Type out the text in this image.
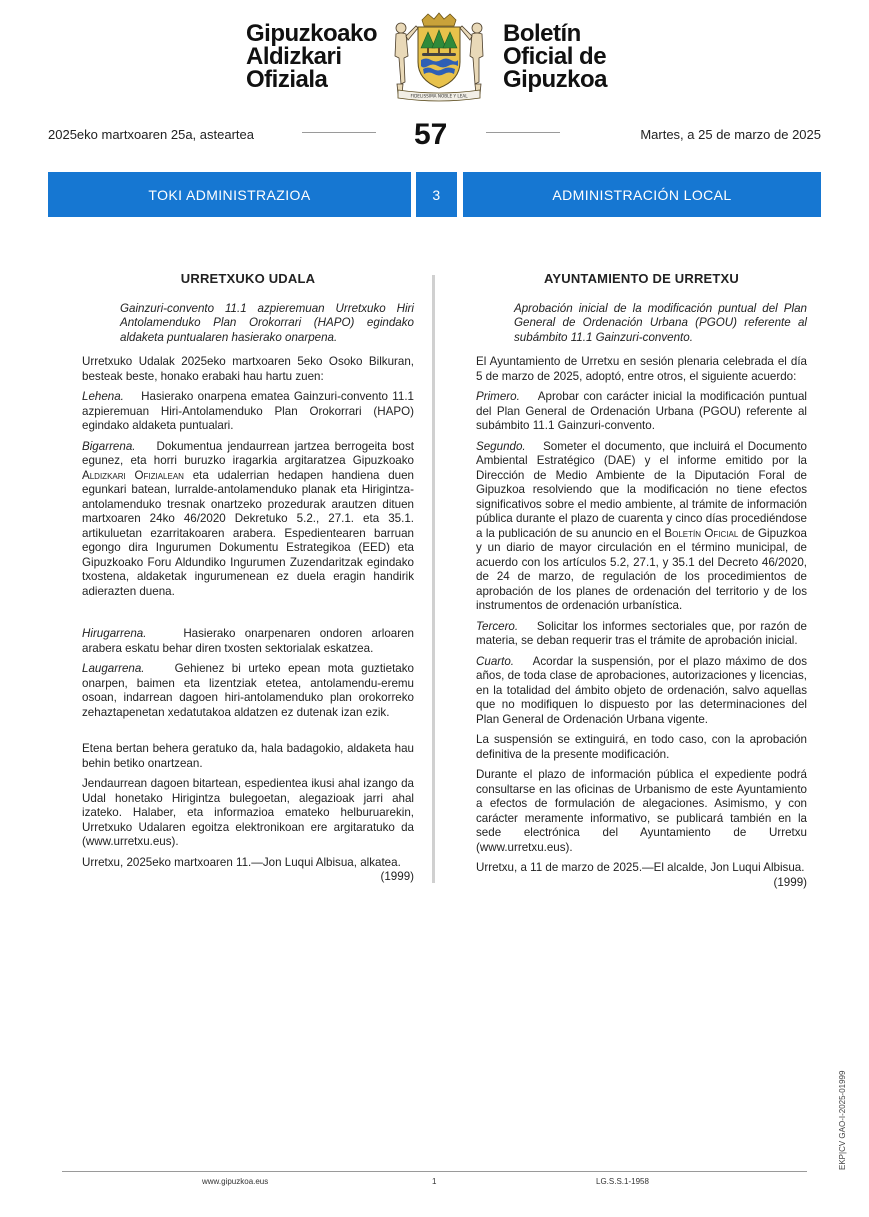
Gipuzkoako
Aldizkari
Ofiziala
FIDELISSIMA NOBLE Y LEAL
Boletín
Oficial de
Gipuzkoa
2025eko martxoaren 25a, asteartea	57	Martes, a 25 de marzo de 2025
TOKI ADMINISTRAZIOA	3	ADMINISTRACIÓN LOCAL
URRETXUKO UDALA
Gainzuri-convento 11.1 azpieremuan Urretxuko Hiri Antolamenduko Plan Orokorrari (HAPO) egindako aldaketa puntualaren hasierako onarpena.

Urretxuko Udalak 2025eko martxoaren 5eko Osoko Bilkuran, besteak beste, honako erabaki hau hartu zuen:

Lehena. Hasierako onarpena ematea Gainzuri-convento 11.1 azpieremuan Hiri-Antolamenduko Plan Orokorrari (HAPO) egindako aldaketa puntualari.

Bigarrena. Dokumentua jendaurrean jartzea berrogeita bost egunez, eta horri buruzko iragarkia argitaratzea Gipuzkoako Aldizkari Ofizialean eta udalerrian hedapen handiena duen egunkari batean, lurralde-antolamenduko planak eta Hirigintza-antolamenduko tresnak onartzeko prozedurak arautzen dituen martxoaren 24ko 46/2020 Dekretuko 5.2., 27.1. eta 35.1. artikuluetan ezarritakoaren arabera. Espedientearen barruan egongo dira Ingurumen Dokumentu Estrategikoa (EED) eta Gipuzkoako Foru Aldundiko Ingurumen Zuzendaritzak egindako txostena, aldaketak ingurumenean ez duela eragin handirik adierazten duena.

Hirugarrena.	Hasierako onarpenaren ondoren arloaren arabera eskatu behar diren txosten sektorialak eskatzea.

Laugarrena.	Gehienez bi urteko epean mota guztietako onarpen, baimen eta lizentziak etetea, antolamendu-eremu osoan, indarrean dagoen hiri-antolamenduko plan orokorreko zehaztapenetan xedatutakoa aldatzen ez dutenak izan ezik.

Etena bertan behera geratuko da, hala badagokio, aldaketa hau behin betiko onartzean.

Jendaurrean dagoen bitartean, espedientea ikusi ahal izango da Udal honetako Hirigintza bulegoetan, alegazioak jarri ahal izateko. Halaber, eta informazioa emateko helburuarekin, Urretxuko Udalaren egoitza elektronikoan ere argitaratuko da (www.urretxu.eus).

Urretxu, 2025eko martxoaren 11.—Jon Luqui Albisua, alkatea.
(1999)

AYUNTAMIENTO DE URRETXU
Aprobación inicial de la modificación puntual del Plan General de Ordenación Urbana (PGOU) referente al subámbito 11.1 Gainzuri-convento.

El Ayuntamiento de Urretxu en sesión plenaria celebrada el día 5 de marzo de 2025, adoptó, entre otros, el siguiente acuerdo:

Primero. Aprobar con carácter inicial la modificación puntual del Plan General de Ordenación Urbana (PGOU) referente al subámbito 11.1 Gainzuri-convento.

Segundo. Someter el documento, que incluirá el Documento Ambiental Estratégico (DAE) y el informe emitido por la Dirección de Medio Ambiente de la Diputación Foral de Gipuzkoa resolviendo que la modificación no tiene efectos significativos sobre el medio ambiente, al trámite de información pública durante el plazo de cuarenta y cinco días procediéndose a la publicación de su anuncio en el Boletín Oficial de Gipuzkoa y un diario de mayor circulación en el término municipal, de acuerdo con los artículos 5.2, 27.1, y 35.1 del Decreto 46/2020, de 24 de marzo, de regulación de los procedimientos de aprobación de los planes de ordenación del territorio y de los instrumentos de ordenación urbanística.

Tercero. Solicitar los informes sectoriales que, por razón de materia, se deban requerir tras el trámite de aprobación inicial.

Cuarto. Acordar la suspensión, por el plazo máximo de dos años, de toda clase de aprobaciones, autorizaciones y licencias, en la totalidad del ámbito objeto de ordenación, salvo aquellas que no modifiquen lo dispuesto por las determinaciones del Plan General de Ordenación Urbana vigente.

La suspensión se extinguirá, en todo caso, con la aprobación definitiva de la presente modificación.

Durante el plazo de información pública el expediente podrá consultarse en las oficinas de Urbanismo de este Ayuntamiento a efectos de formulación de alegaciones. Asimismo, y con carácter meramente informativo, se publicará también en la sede electrónica del Ayuntamiento de Urretxu (www.urretxu.eus).

Urretxu, a 11 de marzo de 2025.—El alcalde, Jon Luqui Albisua.
(1999)

EKP|CV GAO-I-2025-01999
www.gipuzkoa.eus	1	LG.S.S.1-1958
